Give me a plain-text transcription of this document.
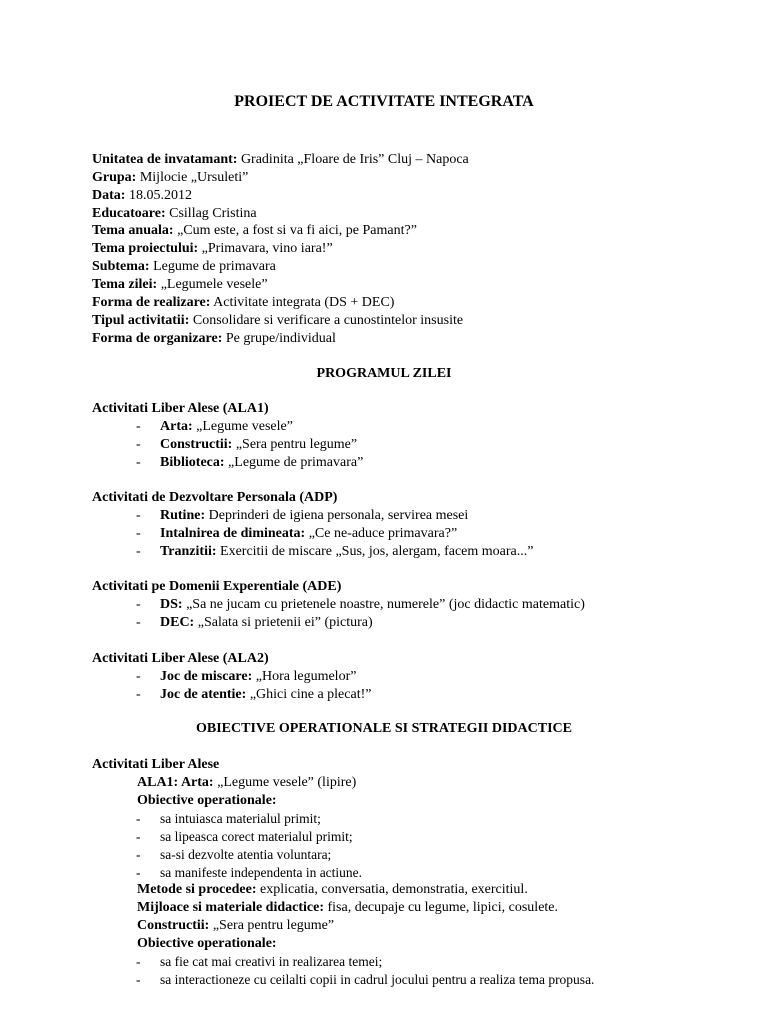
PROIECT DE ACTIVITATE INTEGRATA
Unitatea de invatamant: Gradinita „Floare de Iris” Cluj – Napoca
Grupa: Mijlocie „Ursuleti”
Data: 18.05.2012
Educatoare: Csillag Cristina
Tema anuala: „Cum este, a fost si va fi aici, pe Pamant?”
Tema proiectului: „Primavara, vino iara!”
Subtema: Legume de primavara
Tema zilei: „Legumele vesele”
Forma de realizare: Activitate integrata (DS + DEC)
Tipul activitatii: Consolidare si verificare a cunostintelor insusite
Forma de organizare: Pe grupe/individual
PROGRAMUL ZILEI
Activitati Liber Alese (ALA1)
- Arta: „Legume vesele”
- Constructii: „Sera pentru legume”
- Biblioteca: „Legume de primavara”
Activitati de Dezvoltare Personala (ADP)
- Rutine: Deprinderi de igiena personala, servirea mesei
- Intalnirea de dimineata: „Ce ne-aduce primavara?”
- Tranzitii: Exercitii de miscare „Sus, jos, alergam, facem moara...”
Activitati pe Domenii Experentiale (ADE)
- DS: „Sa ne jucam cu prietenele noastre, numerele” (joc didactic matematic)
- DEC: „Salata si prietenii ei” (pictura)
Activitati Liber Alese (ALA2)
- Joc de miscare: „Hora legumelor”
- Joc de atentie: „Ghici cine a plecat!”
OBIECTIVE OPERATIONALE SI STRATEGII DIDACTICE
Activitati Liber Alese
ALA1: Arta: „Legume vesele” (lipire)
Obiective operationale:
- sa intuiasca materialul primit;
- sa lipeasca corect materialul primit;
- sa-si dezvolte atentia voluntara;
- sa manifeste independenta in actiune.
Metode si procedee: explicatia, conversatia, demonstratia, exercitiul.
Mijloace si materiale didactice: fisa, decupaje cu legume, lipici, cosulete.
Constructii: „Sera pentru legume”
Obiective operationale:
- sa fie cat mai creativi in realizarea temei;
- sa interactioneze cu ceilalti copii in cadrul jocului pentru a realiza tema propusa.
